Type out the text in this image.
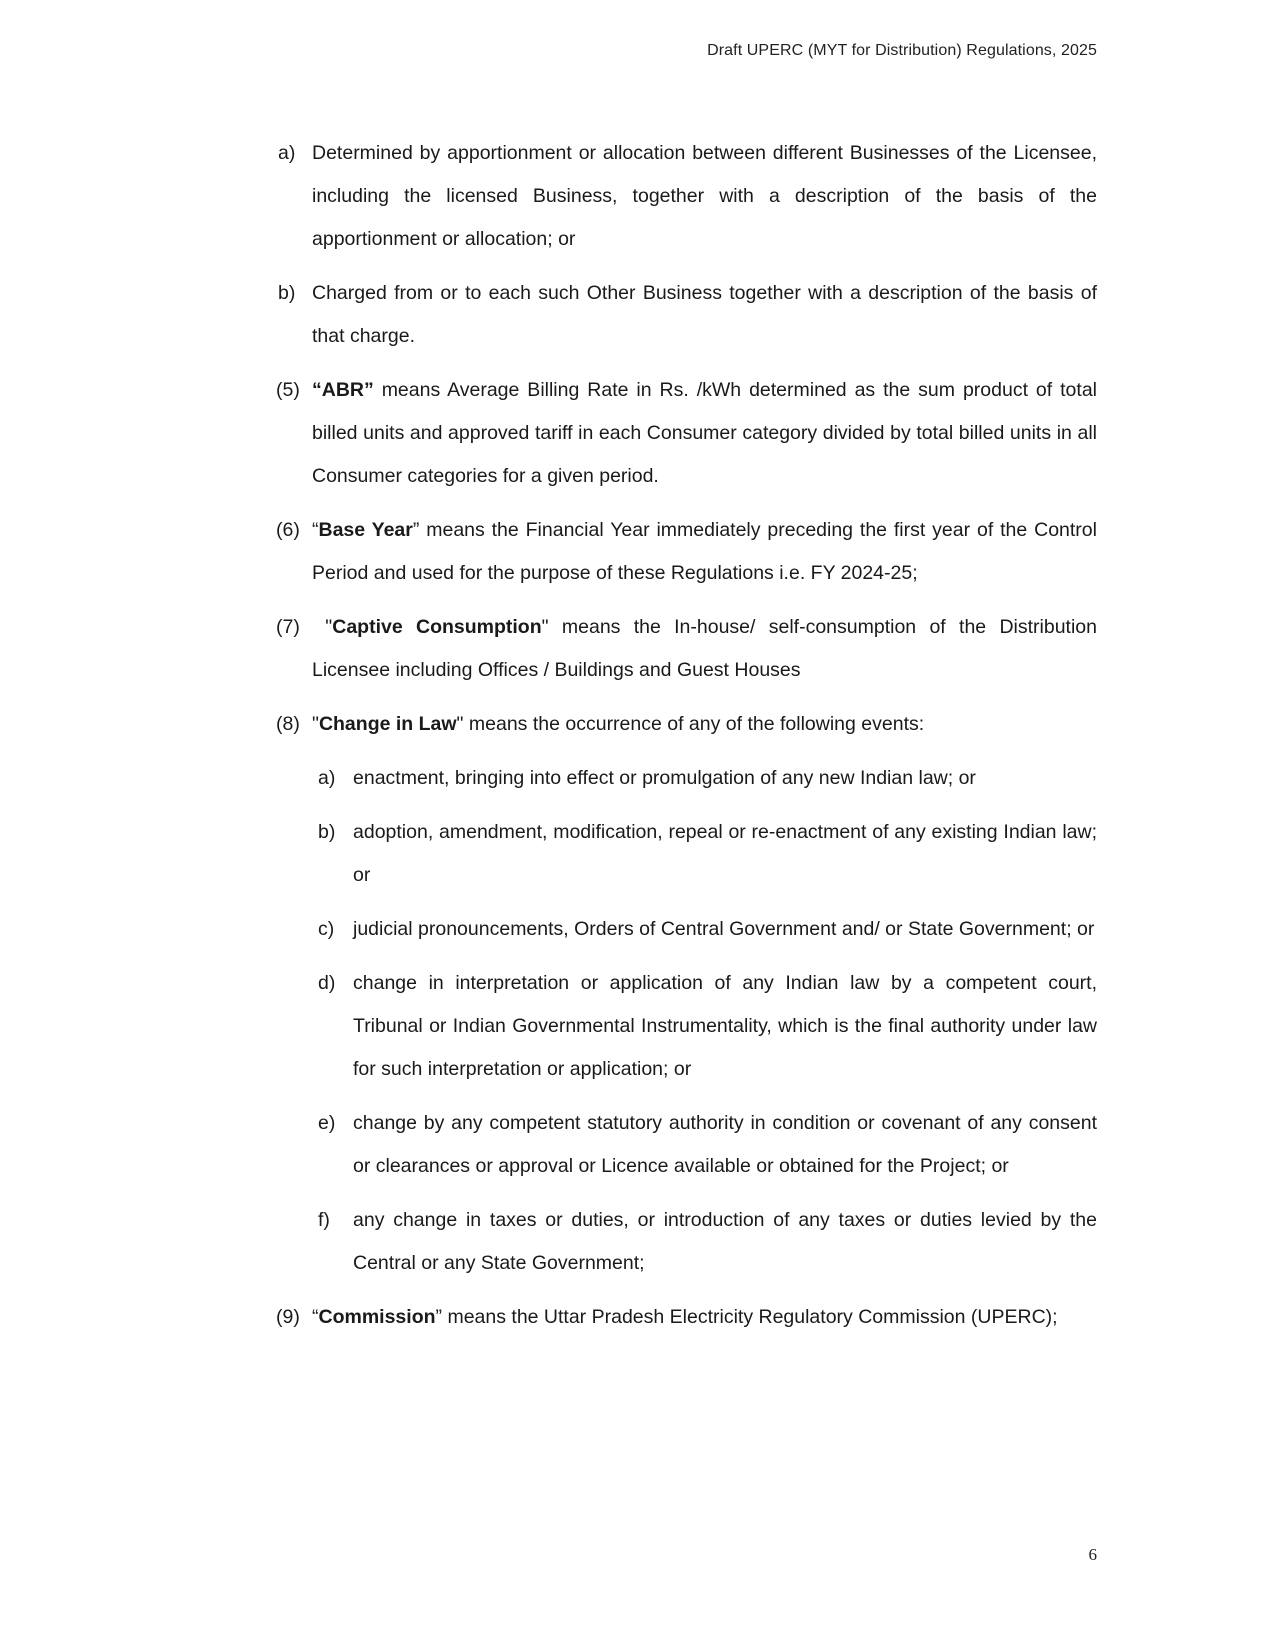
Draft UPERC (MYT for Distribution) Regulations, 2025
a) Determined by apportionment or allocation between different Businesses of the Licensee, including the licensed Business, together with a description of the basis of the apportionment or allocation; or
b) Charged from or to each such Other Business together with a description of the basis of that charge.
(5) “ABR” means Average Billing Rate in Rs. /kWh determined as the sum product of total billed units and approved tariff in each Consumer category divided by total billed units in all Consumer categories for a given period.
(6) “Base Year” means the Financial Year immediately preceding the first year of the Control Period and used for the purpose of these Regulations i.e. FY 2024-25;
(7) "Captive Consumption" means the In-house/ self-consumption of the Distribution Licensee including Offices / Buildings and Guest Houses
(8) "Change in Law" means the occurrence of any of the following events:
a) enactment, bringing into effect or promulgation of any new Indian law; or
b) adoption, amendment, modification, repeal or re-enactment of any existing Indian law; or
c) judicial pronouncements, Orders of Central Government and/ or State Government; or
d) change in interpretation or application of any Indian law by a competent court, Tribunal or Indian Governmental Instrumentality, which is the final authority under law for such interpretation or application; or
e) change by any competent statutory authority in condition or covenant of any consent or clearances or approval or Licence available or obtained for the Project; or
f) any change in taxes or duties, or introduction of any taxes or duties levied by the Central or any State Government;
(9) “Commission” means the Uttar Pradesh Electricity Regulatory Commission (UPERC);
6
